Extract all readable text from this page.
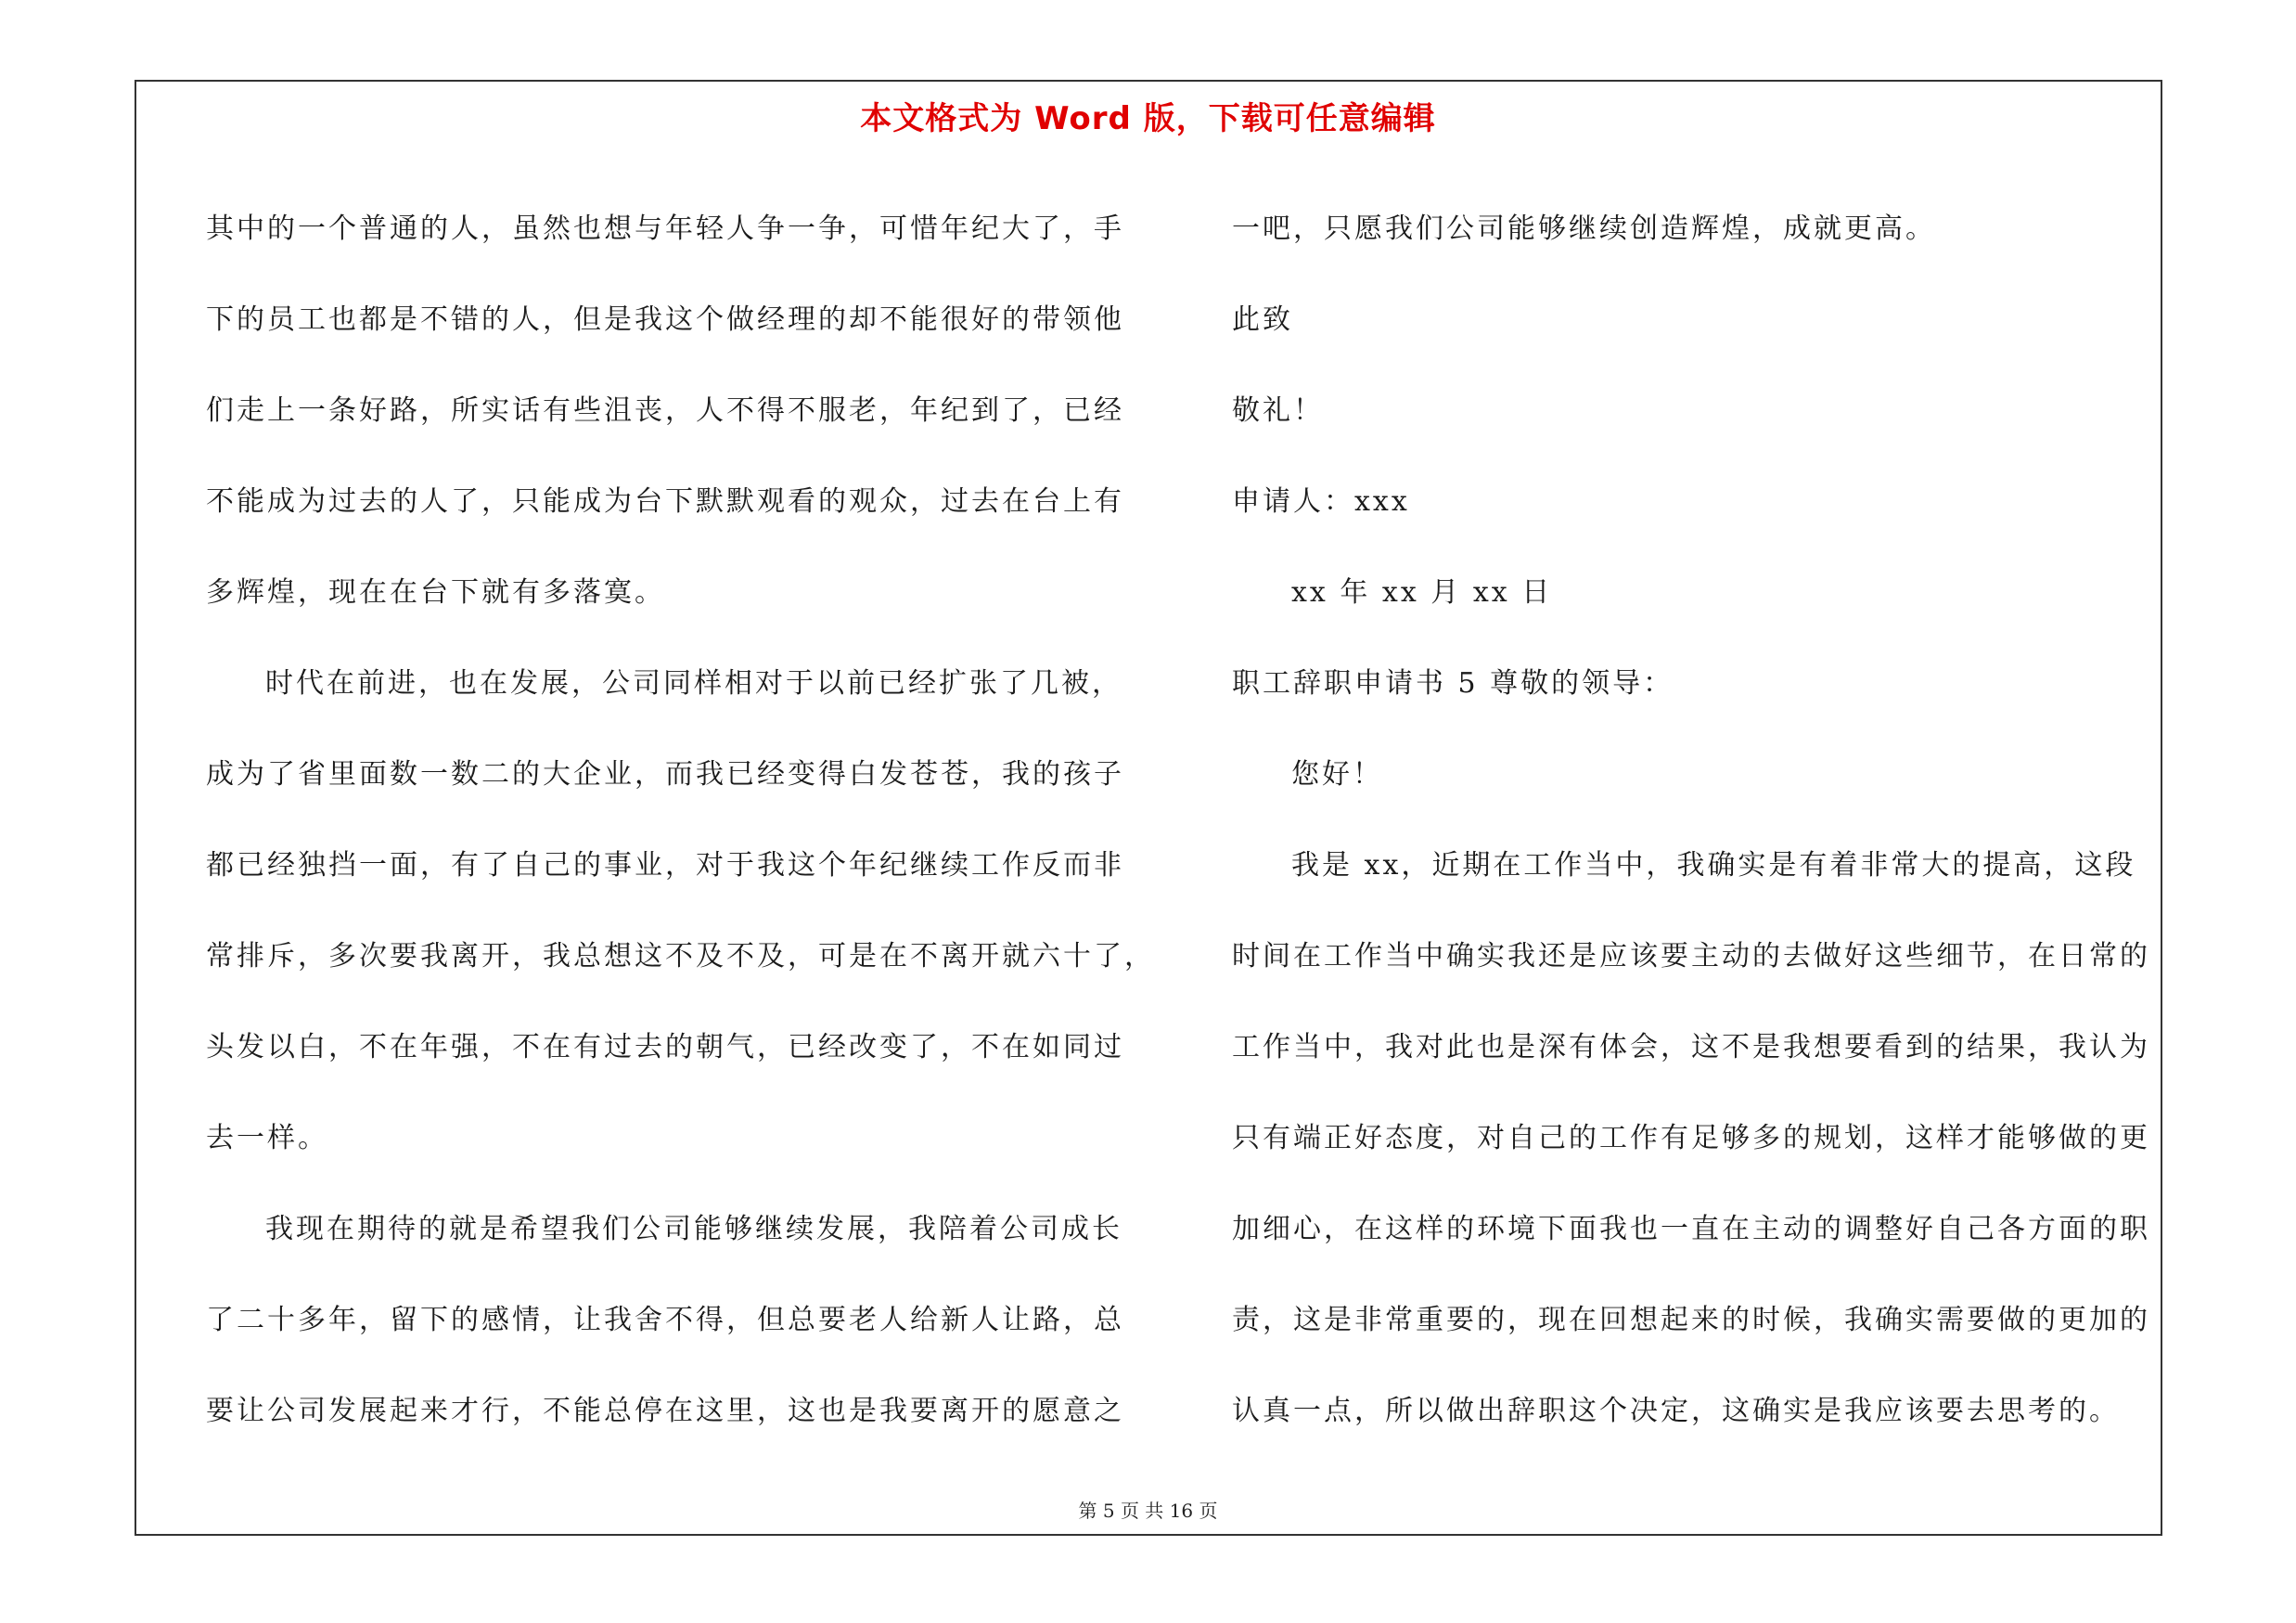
本文格式为 Word 版，下载可任意编辑

其中的一个普通的人，虽然也想与年轻人争一争，可惜年纪大了，手

下的员工也都是不错的人，但是我这个做经理的却不能很好的带领他

们走上一条好路，所实话有些沮丧，人不得不服老，年纪到了，已经

不能成为过去的人了，只能成为台下默默观看的观众，过去在台上有

多辉煌，现在在台下就有多落寞。

时代在前进，也在发展，公司同样相对于以前已经扩张了几被，

成为了省里面数一数二的大企业，而我已经变得白发苍苍，我的孩子

都已经独挡一面，有了自己的事业，对于我这个年纪继续工作反而非

常排斥，多次要我离开，我总想这不及不及，可是在不离开就六十了，

头发以白，不在年强，不在有过去的朝气，已经改变了，不在如同过

去一样。

我现在期待的就是希望我们公司能够继续发展，我陪着公司成长

了二十多年，留下的感情，让我舍不得，但总要老人给新人让路，总

要让公司发展起来才行，不能总停在这里，这也是我要离开的愿意之

一吧，只愿我们公司能够继续创造辉煌，成就更高。

此致

敬礼！

申请人：xxx

xx 年 xx 月 xx 日

职工辞职申请书 5 尊敬的领导：

您好！

我是 xx，近期在工作当中，我确实是有着非常大的提高，这段

时间在工作当中确实我还是应该要主动的去做好这些细节，在日常的

工作当中，我对此也是深有体会，这不是我想要看到的结果，我认为

只有端正好态度，对自己的工作有足够多的规划，这样才能够做的更

加细心，在这样的环境下面我也一直在主动的调整好自己各方面的职

责，这是非常重要的，现在回想起来的时候，我确实需要做的更加的

认真一点，所以做出辞职这个决定，这确实是我应该要去思考的。

第 5 页 共 16 页
